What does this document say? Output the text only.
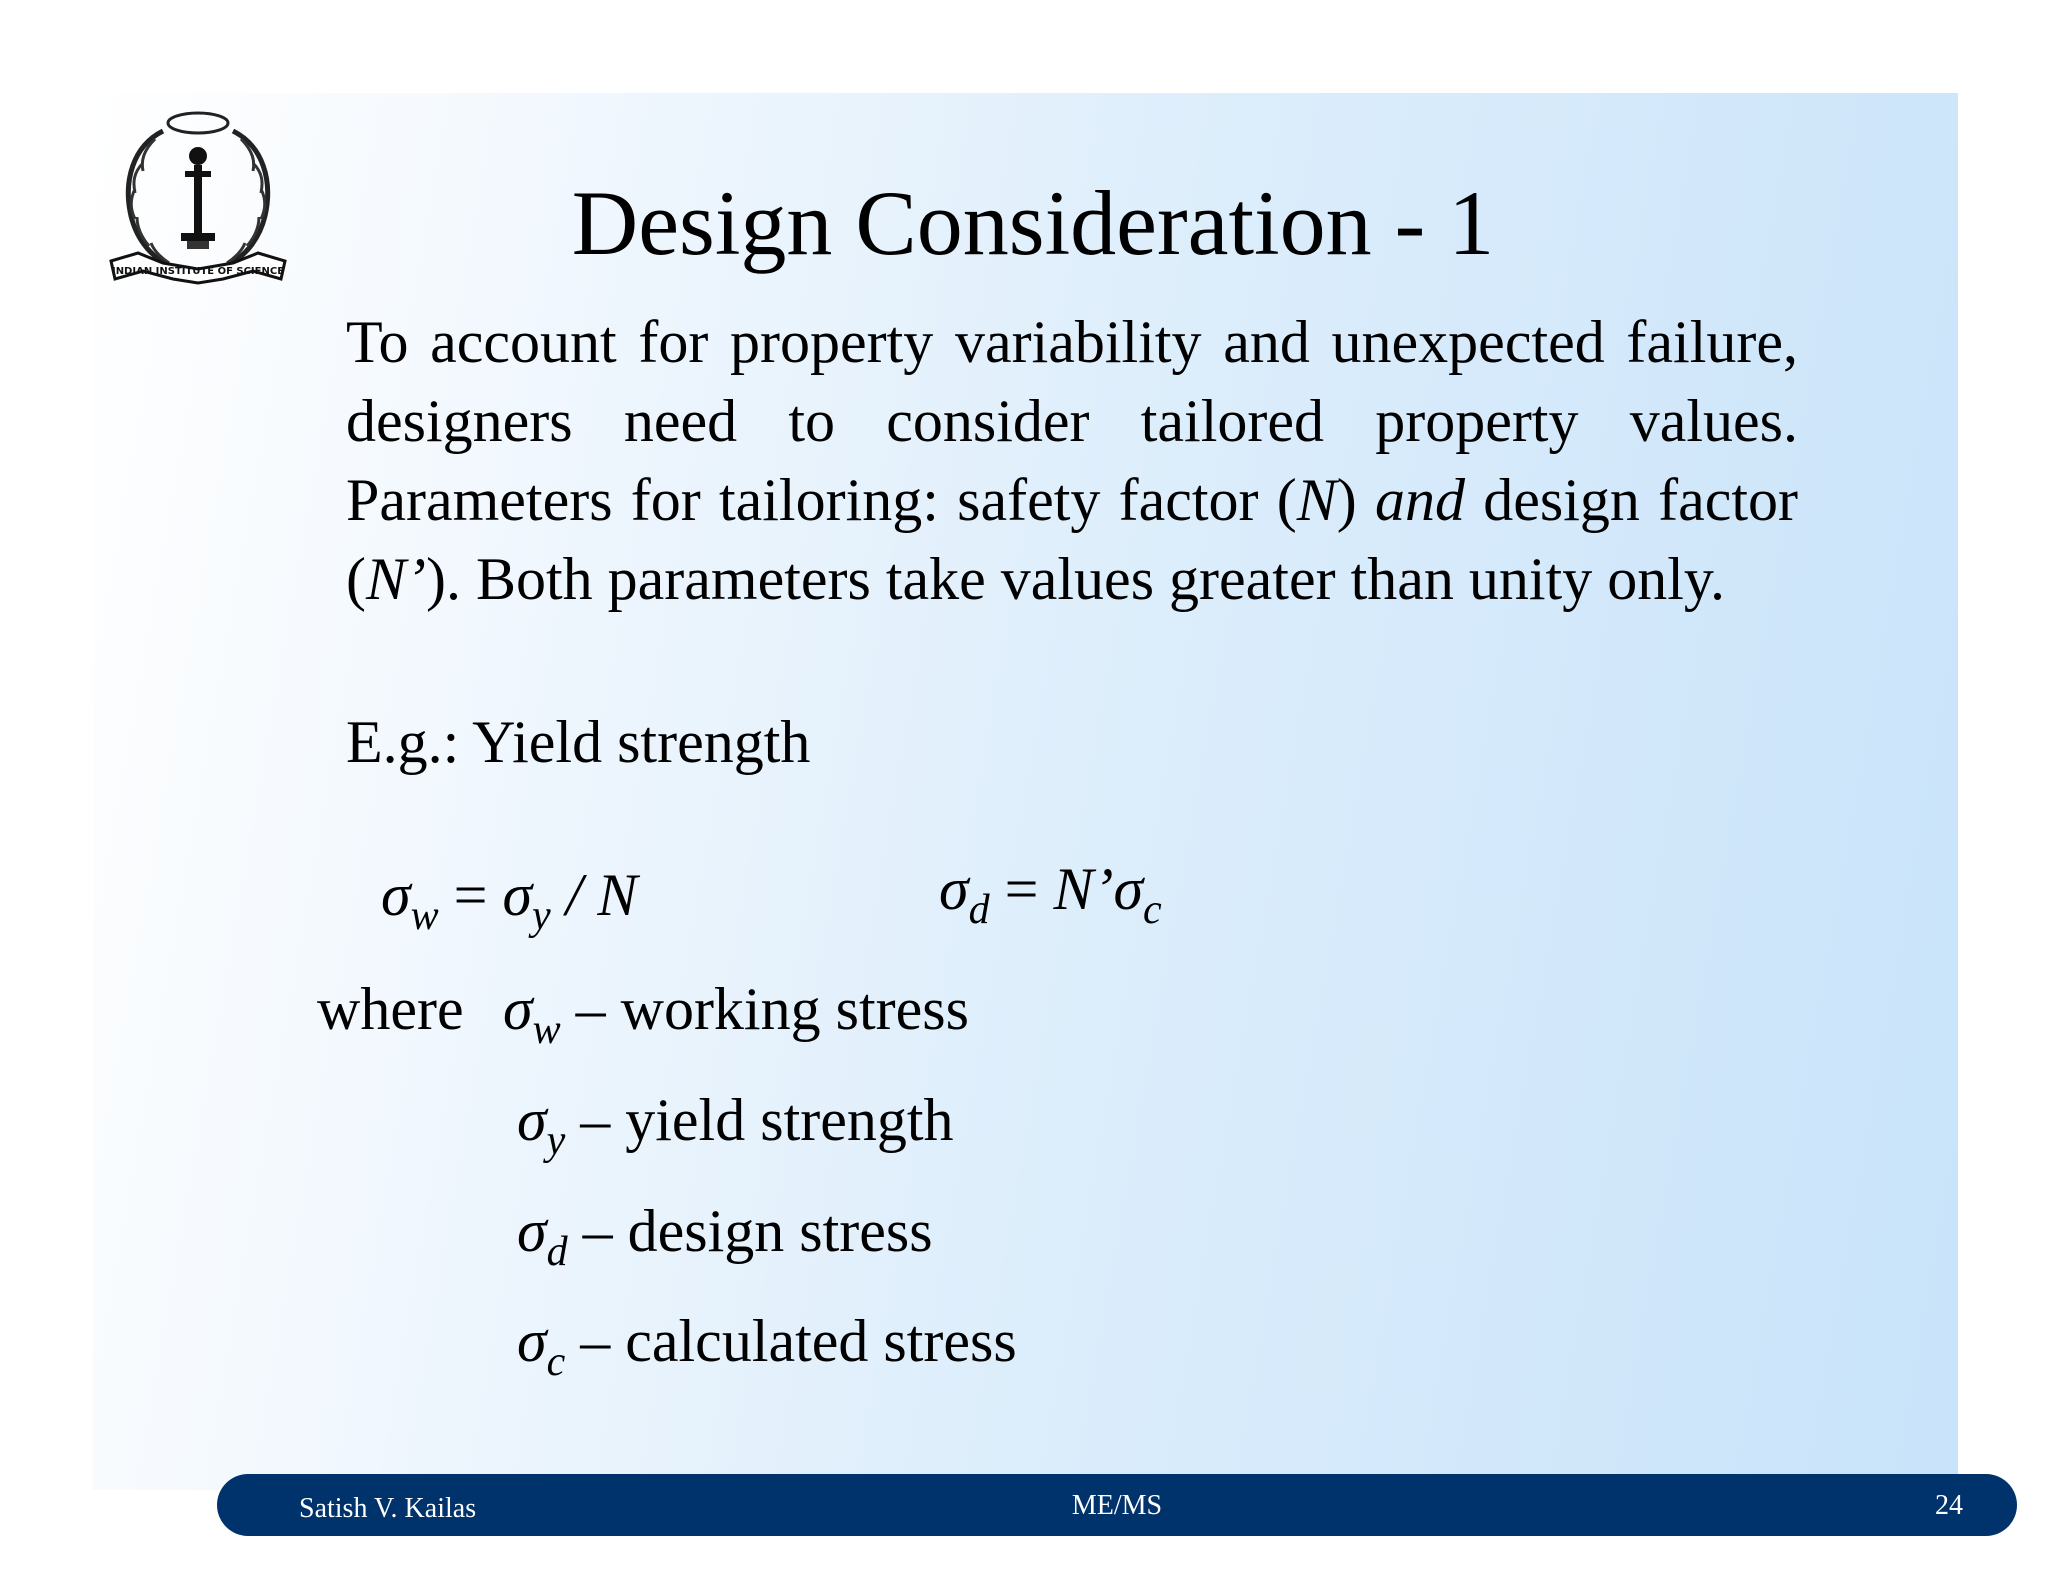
INDIAN INSTITUTE OF SCIENCE	Design Consideration - 1
To account for property variability and unexpected failure, designers need to consider tailored property values. Parameters for tailoring: safety factor (N) and design factor (N’). Both parameters take values greater than unity only.
E.g.: Yield strength
$\sigma_w = \sigma_y / N$	$\sigma_d$ = $N’\sigma_c$
where $\sigma_w$ – working stress
$\sigma_y$ – yield strength
$\sigma_d$ – design stress
$\sigma_c$ – calculated stress
Satish V. Kailas	ME/MS	24
